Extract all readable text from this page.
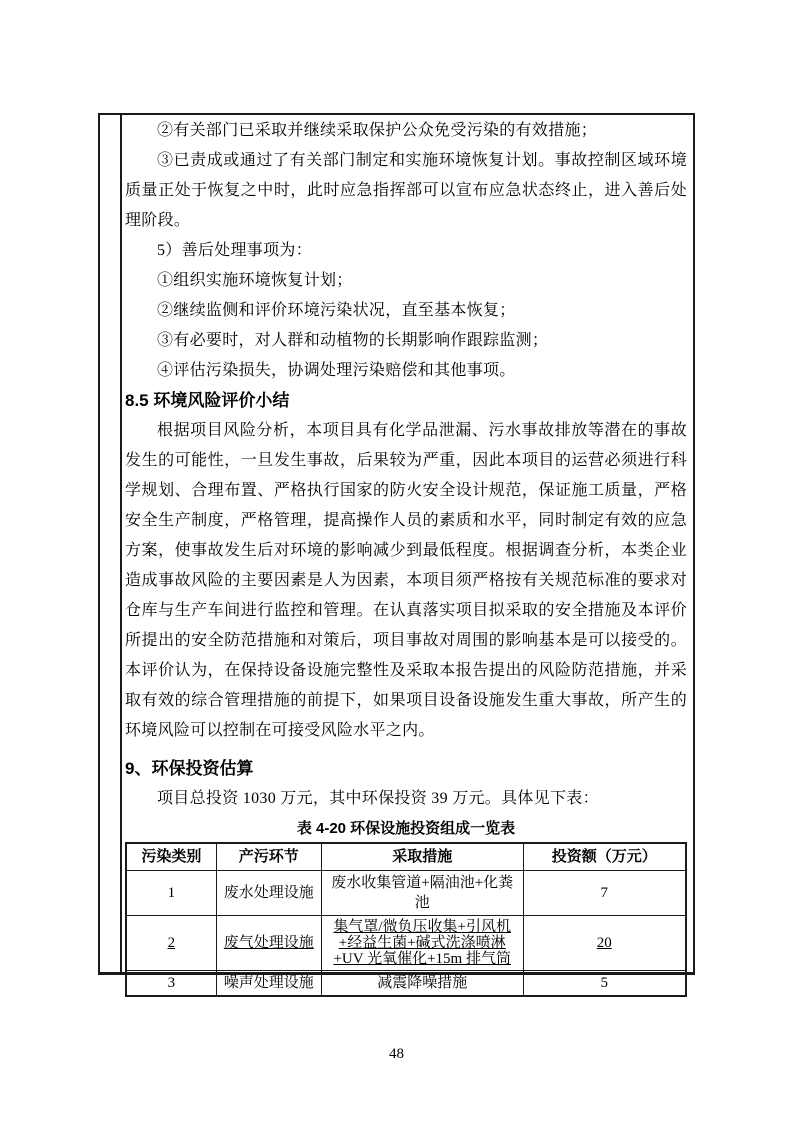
②有关部门已采取并继续采取保护公众免受污染的有效措施；

③已责成或通过了有关部门制定和实施环境恢复计划。事故控制区域环境质量正处于恢复之中时，此时应急指挥部可以宣布应急状态终止，进入善后处理阶段。

5）善后处理事项为：

①组织实施环境恢复计划；

②继续监侧和评价环境污染状况，直至基本恢复；

③有必要时，对人群和动植物的长期影响作跟踪监测；

④评估污染损失，协调处理污染赔偿和其他事项。

8.5 环境风险评价小结

根据项目风险分析，本项目具有化学品泄漏、污水事故排放等潜在的事故发生的可能性，一旦发生事故，后果较为严重，因此本项目的运营必须进行科学规划、合理布置、严格执行国家的防火安全设计规范，保证施工质量，严格安全生产制度，严格管理，提高操作人员的素质和水平，同时制定有效的应急方案，使事故发生后对环境的影响减少到最低程度。根据调查分析，本类企业造成事故风险的主要因素是人为因素，本项目须严格按有关规范标准的要求对仓库与生产车间进行监控和管理。在认真落实项目拟采取的安全措施及本评价所提出的安全防范措施和对策后，项目事故对周围的影响基本是可以接受的。本评价认为，在保持设备设施完整性及采取本报告提出的风险防范措施，并采取有效的综合管理措施的前提下，如果项目设备设施发生重大事故，所产生的环境风险可以控制在可接受风险水平之内。

9、环保投资估算

项目总投资 1030 万元，其中环保投资 39 万元。具体见下表：

表 4-20 环保设施投资组成一览表
污染类别	产污环节	采取措施	投资额（万元）
1	废水处理设施	废水收集管道+隔油池+化粪池	7
2	废气处理设施	集气罩/微负压收集+引风机+经益生菌+碱式洗涤喷淋+UV 光氧催化+15m 排气筒	20
3	噪声处理设施	减震降噪措施	5
48
